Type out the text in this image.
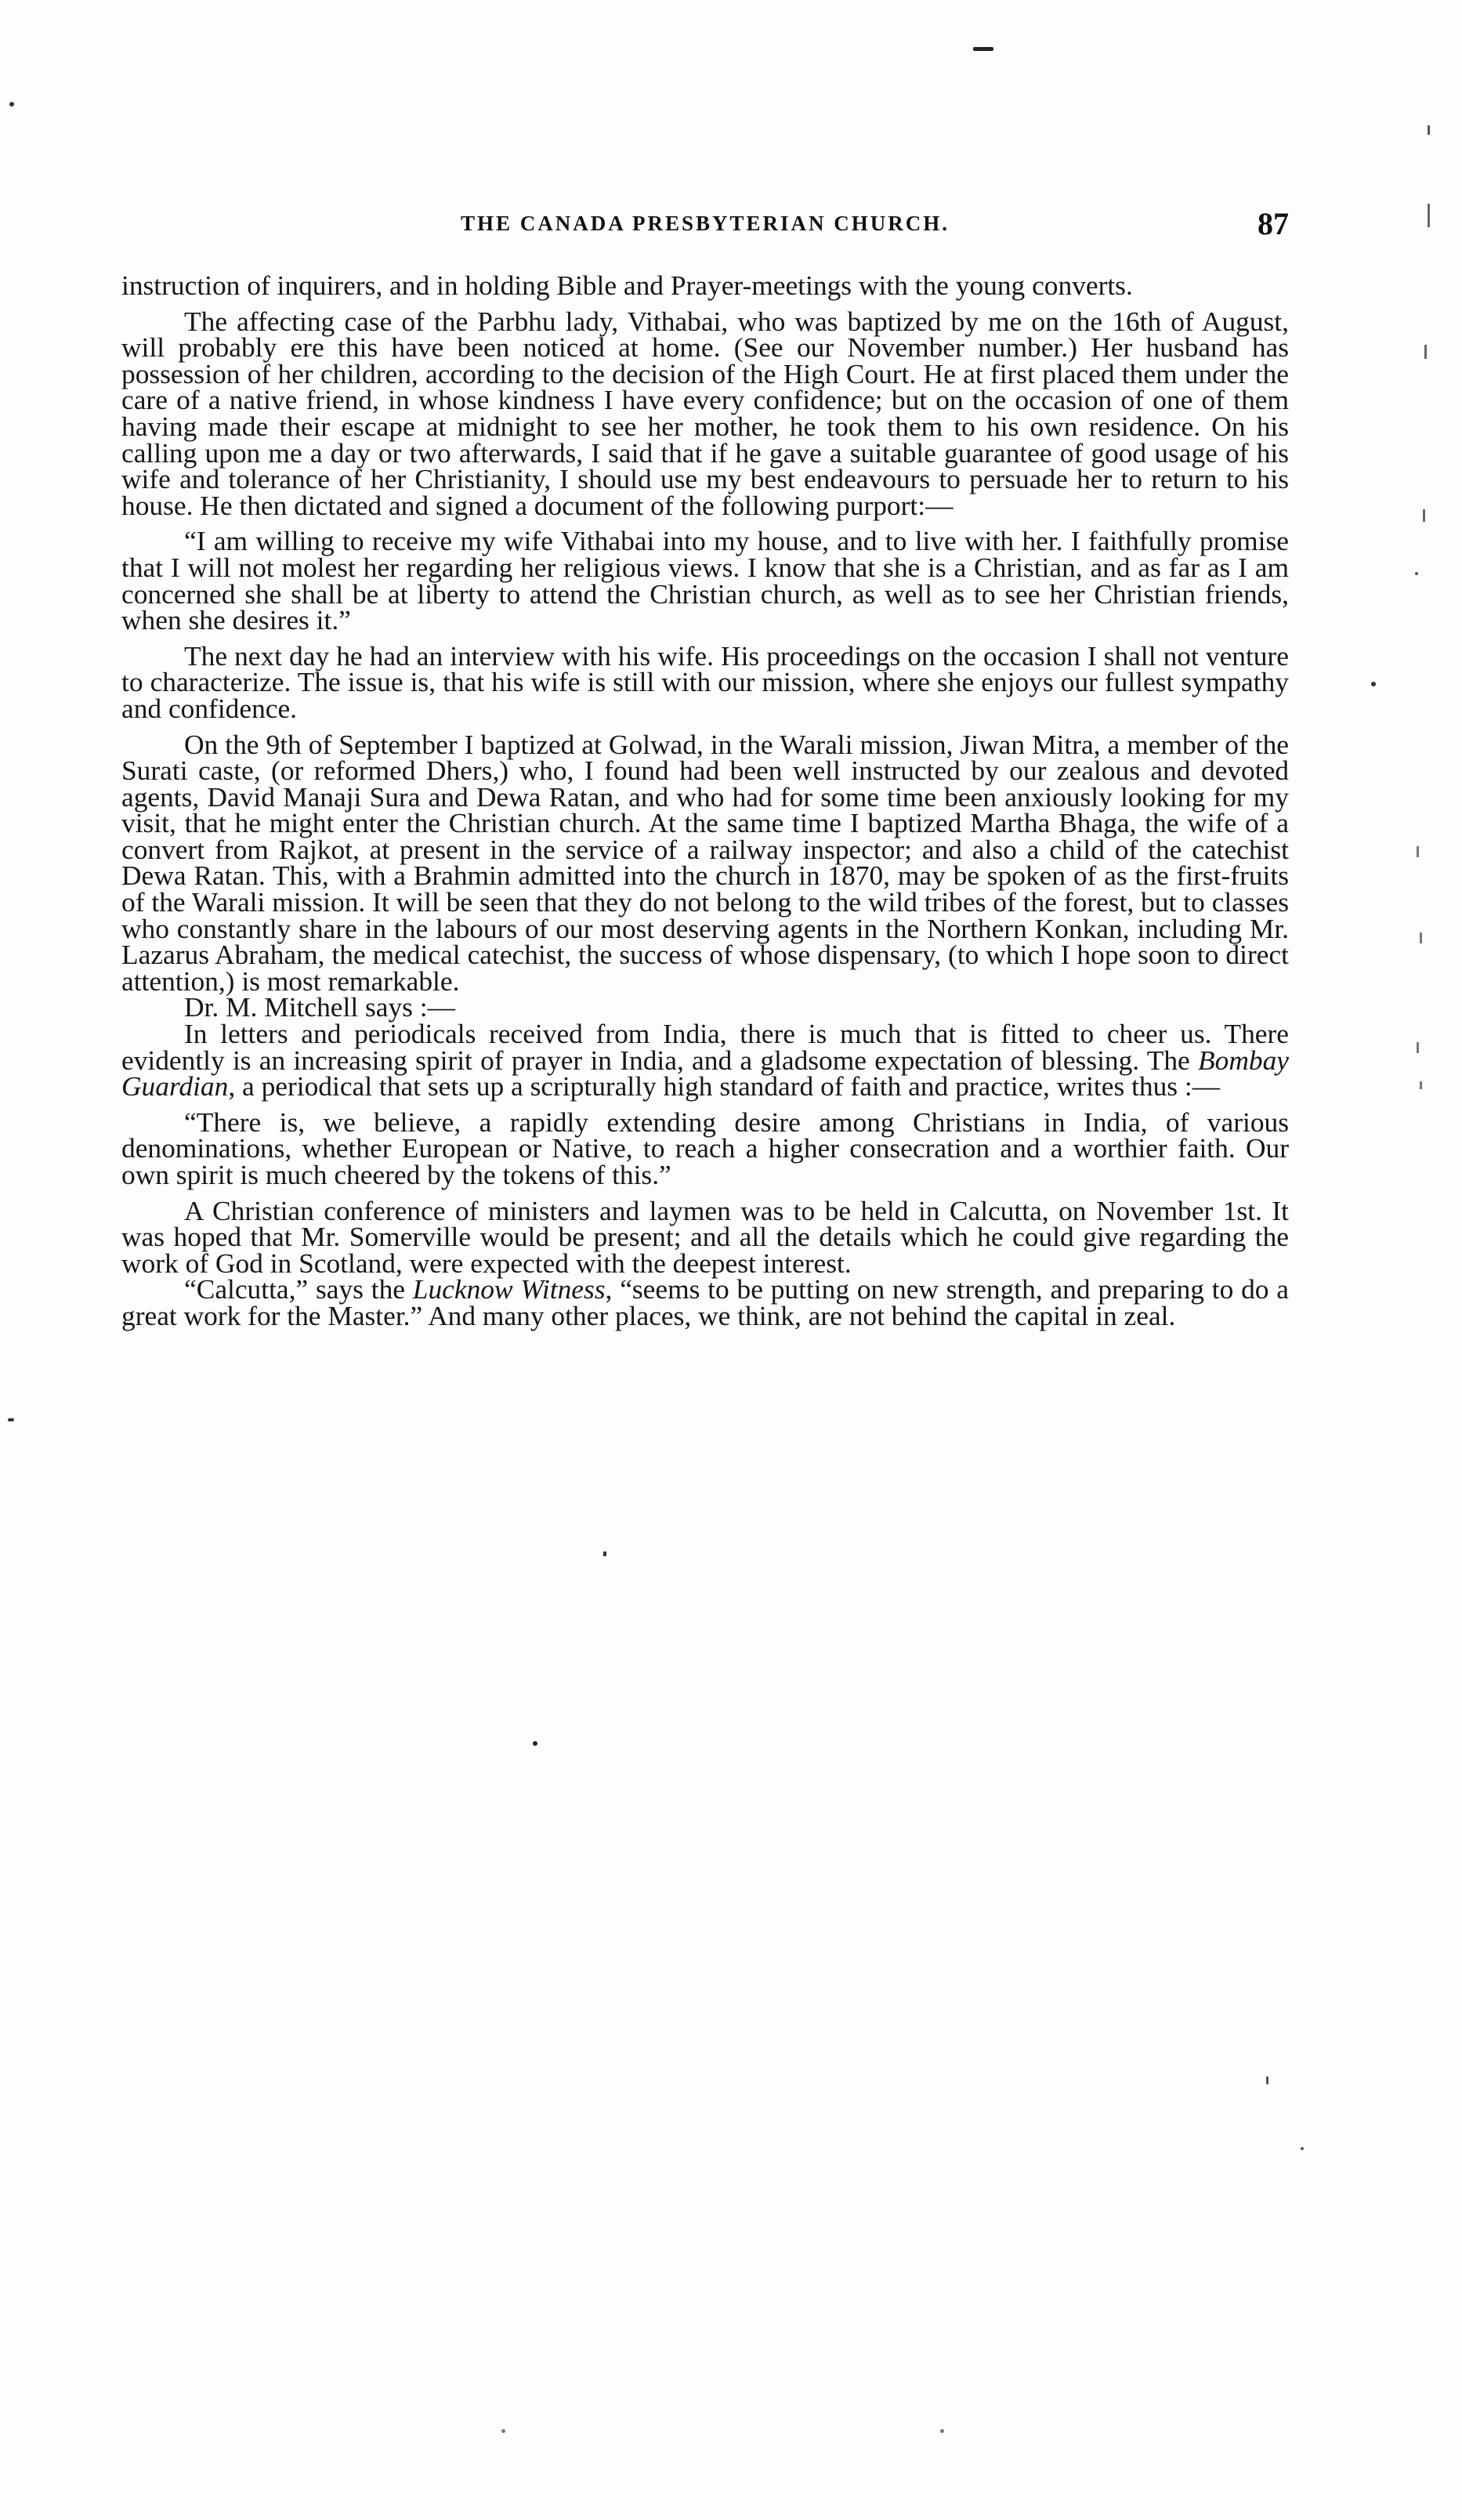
THE CANADA PRESBYTERIAN CHURCH.	87

instruction of inquirers, and in holding Bible and Prayer-meetings with the young converts.

The affecting case of the Parbhu lady, Vithabai, who was baptized by me on the 16th of August, will probably ere this have been noticed at home. (See our November number.) Her husband has possession of her children, according to the decision of the High Court. He at first placed them under the care of a native friend, in whose kindness I have every confidence; but on the occasion of one of them having made their escape at midnight to see her mother, he took them to his own residence. On his calling upon me a day or two afterwards, I said that if he gave a suitable guarantee of good usage of his wife and tolerance of her Christianity, I should use my best endeavours to persuade her to return to his house. He then dictated and signed a document of the following purport:—

“I am willing to receive my wife Vithabai into my house, and to live with her. I faithfully promise that I will not molest her regarding her religious views. I know that she is a Christian, and as far as I am concerned she shall be at liberty to attend the Christian church, as well as to see her Christian friends, when she desires it.”

The next day he had an interview with his wife. His proceedings on the occasion I shall not venture to characterize. The issue is, that his wife is still with our mission, where she enjoys our fullest sympathy and confidence.

On the 9th of September I baptized at Golwad, in the Warali mission, Jiwan Mitra, a member of the Surati caste, (or reformed Dhers,) who, I found had been well instructed by our zealous and devoted agents, David Manaji Sura and Dewa Ratan, and who had for some time been anxiously looking for my visit, that he might enter the Christian church. At the same time I baptized Martha Bhaga, the wife of a convert from Rajkot, at present in the service of a railway inspector; and also a child of the catechist Dewa Ratan. This, with a Brahmin admitted into the church in 1870, may be spoken of as the first-fruits of the Warali mission. It will be seen that they do not belong to the wild tribes of the forest, but to classes who constantly share in the labours of our most deserving agents in the Northern Konkan, including Mr. Lazarus Abraham, the medical catechist, the success of whose dispensary, (to which I hope soon to direct attention,) is most remarkable.

Dr. M. Mitchell says :—

In letters and periodicals received from India, there is much that is fitted to cheer us. There evidently is an increasing spirit of prayer in India, and a gladsome expectation of blessing. The Bombay Guardian, a periodical that sets up a scripturally high standard of faith and practice, writes thus :—

“There is, we believe, a rapidly extending desire among Christians in India, of various denominations, whether European or Native, to reach a higher consecration and a worthier faith. Our own spirit is much cheered by the tokens of this.”

A Christian conference of ministers and laymen was to be held in Calcutta, on November 1st. It was hoped that Mr. Somerville would be present; and all the details which he could give regarding the work of God in Scotland, were expected with the deepest interest.

“Calcutta,” says the Lucknow Witness, “seems to be putting on new strength, and preparing to do a great work for the Master.” And many other places, we think, are not behind the capital in zeal.
